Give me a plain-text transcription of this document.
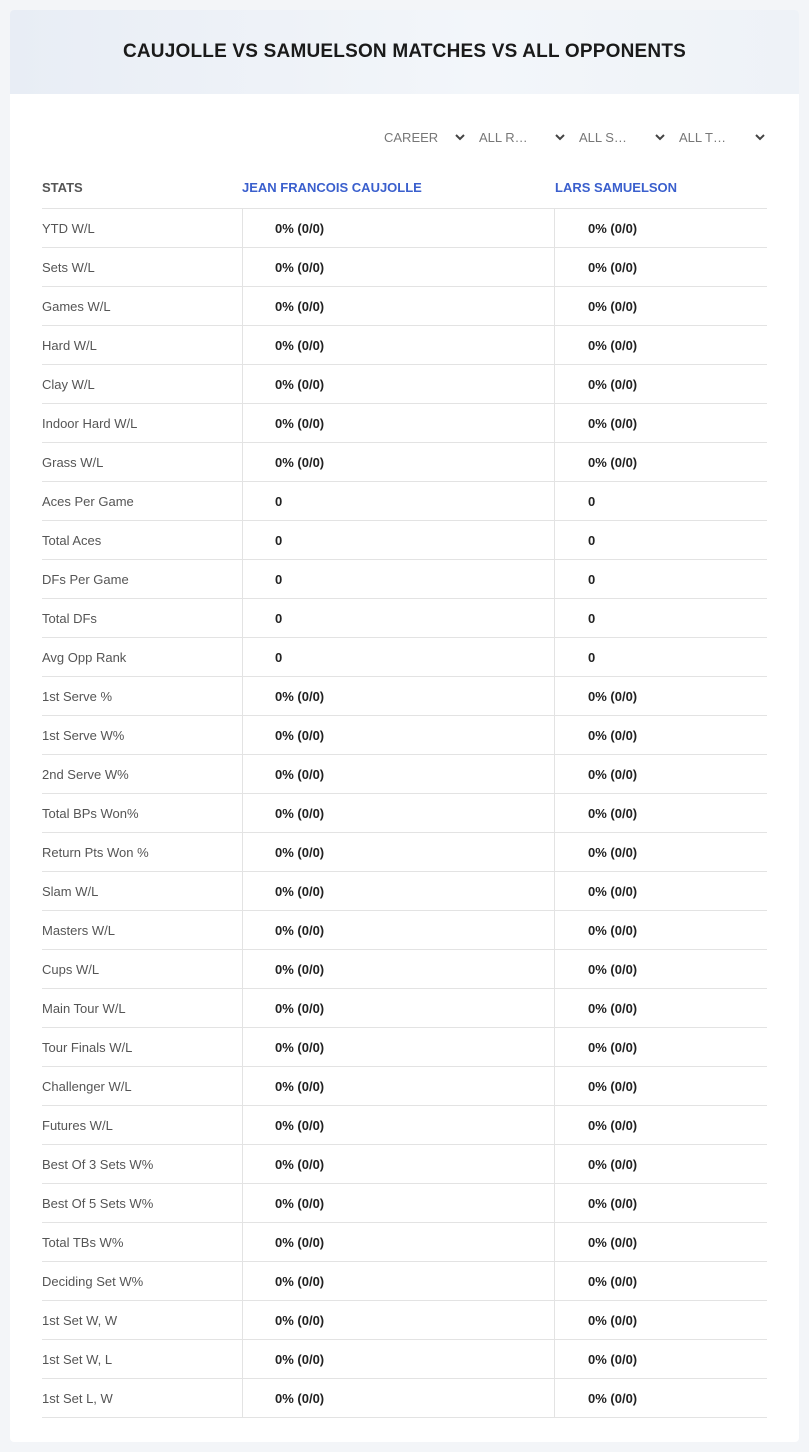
CAUJOLLE VS SAMUELSON MATCHES VS ALL OPPONENTS
CAREER	ALL R…	ALL S…	ALL T…
STATS	JEAN FRANCOIS CAUJOLLE	LARS SAMUELSON
YTD W/L	0% (0/0)	0% (0/0)
Sets W/L	0% (0/0)	0% (0/0)
Games W/L	0% (0/0)	0% (0/0)
Hard W/L	0% (0/0)	0% (0/0)
Clay W/L	0% (0/0)	0% (0/0)
Indoor Hard W/L	0% (0/0)	0% (0/0)
Grass W/L	0% (0/0)	0% (0/0)
Aces Per Game	0	0
Total Aces	0	0
DFs Per Game	0	0
Total DFs	0	0
Avg Opp Rank	0	0
1st Serve %	0% (0/0)	0% (0/0)
1st Serve W%	0% (0/0)	0% (0/0)
2nd Serve W%	0% (0/0)	0% (0/0)
Total BPs Won%	0% (0/0)	0% (0/0)
Return Pts Won %	0% (0/0)	0% (0/0)
Slam W/L	0% (0/0)	0% (0/0)
Masters W/L	0% (0/0)	0% (0/0)
Cups W/L	0% (0/0)	0% (0/0)
Main Tour W/L	0% (0/0)	0% (0/0)
Tour Finals W/L	0% (0/0)	0% (0/0)
Challenger W/L	0% (0/0)	0% (0/0)
Futures W/L	0% (0/0)	0% (0/0)
Best Of 3 Sets W%	0% (0/0)	0% (0/0)
Best Of 5 Sets W%	0% (0/0)	0% (0/0)
Total TBs W%	0% (0/0)	0% (0/0)
Deciding Set W%	0% (0/0)	0% (0/0)
1st Set W, W	0% (0/0)	0% (0/0)
1st Set W, L	0% (0/0)	0% (0/0)
1st Set L, W	0% (0/0)	0% (0/0)
